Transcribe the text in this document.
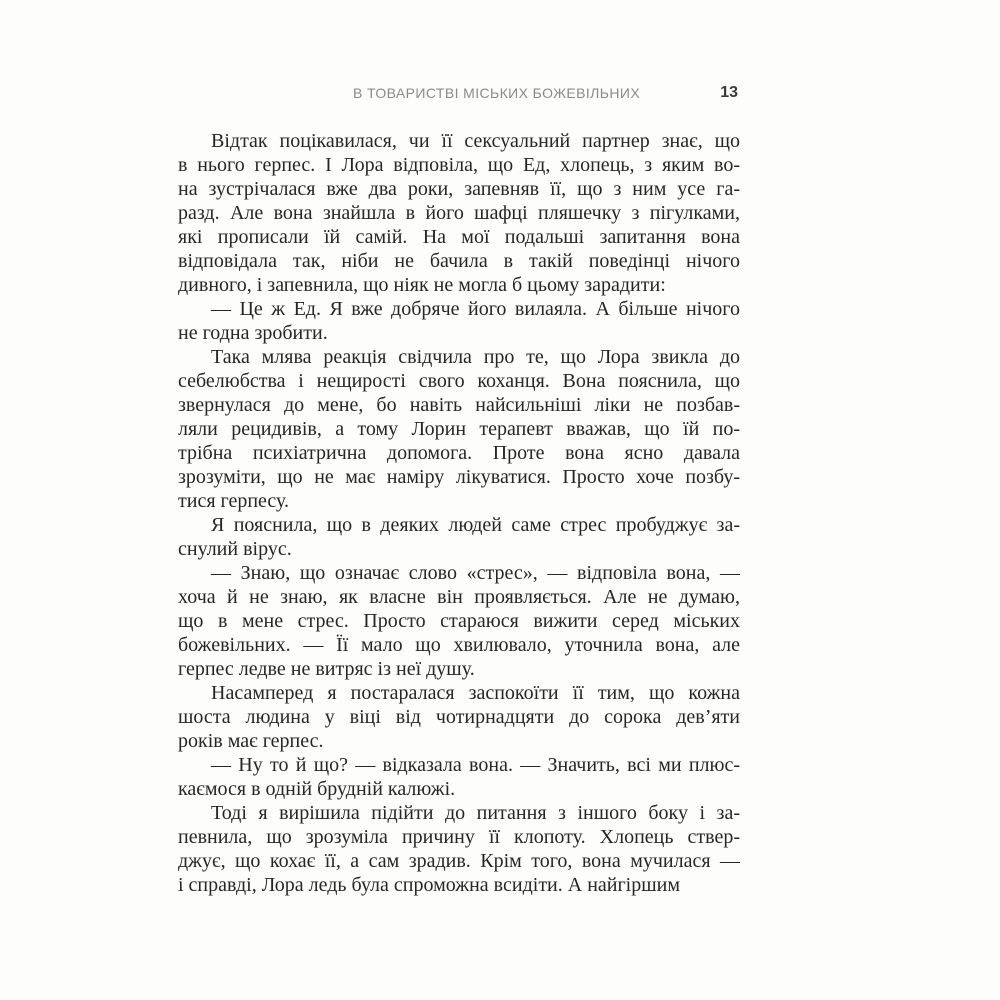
В ТОВАРИСТВІ МІСЬКИХ БОЖЕВІЛЬНИХ	13
Відтак поцікавилася, чи її сексуальний партнер знає, що
в нього герпес. І Лора відповіла, що Ед, хлопець, з яким во-
на зустрічалася вже два роки, запевняв її, що з ним усе га-
разд. Але вона знайшла в його шафці пляшечку з пігулками,
які прописали їй самій. На мої подальші запитання вона
відповідала так, ніби не бачила в такій поведінці нічого
дивного, і запевнила, що ніяк не могла б цьому зарадити:
— Це ж Ед. Я вже добряче його вилаяла. А більше нічого
не годна зробити.
Така млява реакція свідчила про те, що Лора звикла до
себелюбства і нещирості свого коханця. Вона пояснила, що
звернулася до мене, бо навіть найсильніші ліки не позбав-
ляли рецидивів, а тому Лорин терапевт вважав, що їй по-
трібна психіатрична допомога. Проте вона ясно давала
зрозуміти, що не має наміру лікуватися. Просто хоче позбу-
тися герпесу.
Я пояснила, що в деяких людей саме стрес пробуджує за-
снулий вірус.
— Знаю, що означає слово «стрес», — відповіла вона, —
хоча й не знаю, як власне він проявляється. Але не думаю,
що в мене стрес. Просто стараюся вижити серед міських
божевільних. — Її мало що хвилювало, уточнила вона, але
герпес ледве не витряс із неї душу.
Насамперед я постаралася заспокоїти її тим, що кожна
шоста людина у віці від чотирнадцяти до сорока дев’яти
років має герпес.
— Ну то й що? — відказала вона. — Значить, всі ми плюс-
каємося в одній брудній калюжі.
Тоді я вирішила підійти до питання з іншого боку і за-
певнила, що зрозуміла причину її клопоту. Хлопець ствер-
джує, що кохає її, а сам зрадив. Крім того, вона мучилася —
і справді, Лора ледь була спроможна всидіти. А найгіршим
